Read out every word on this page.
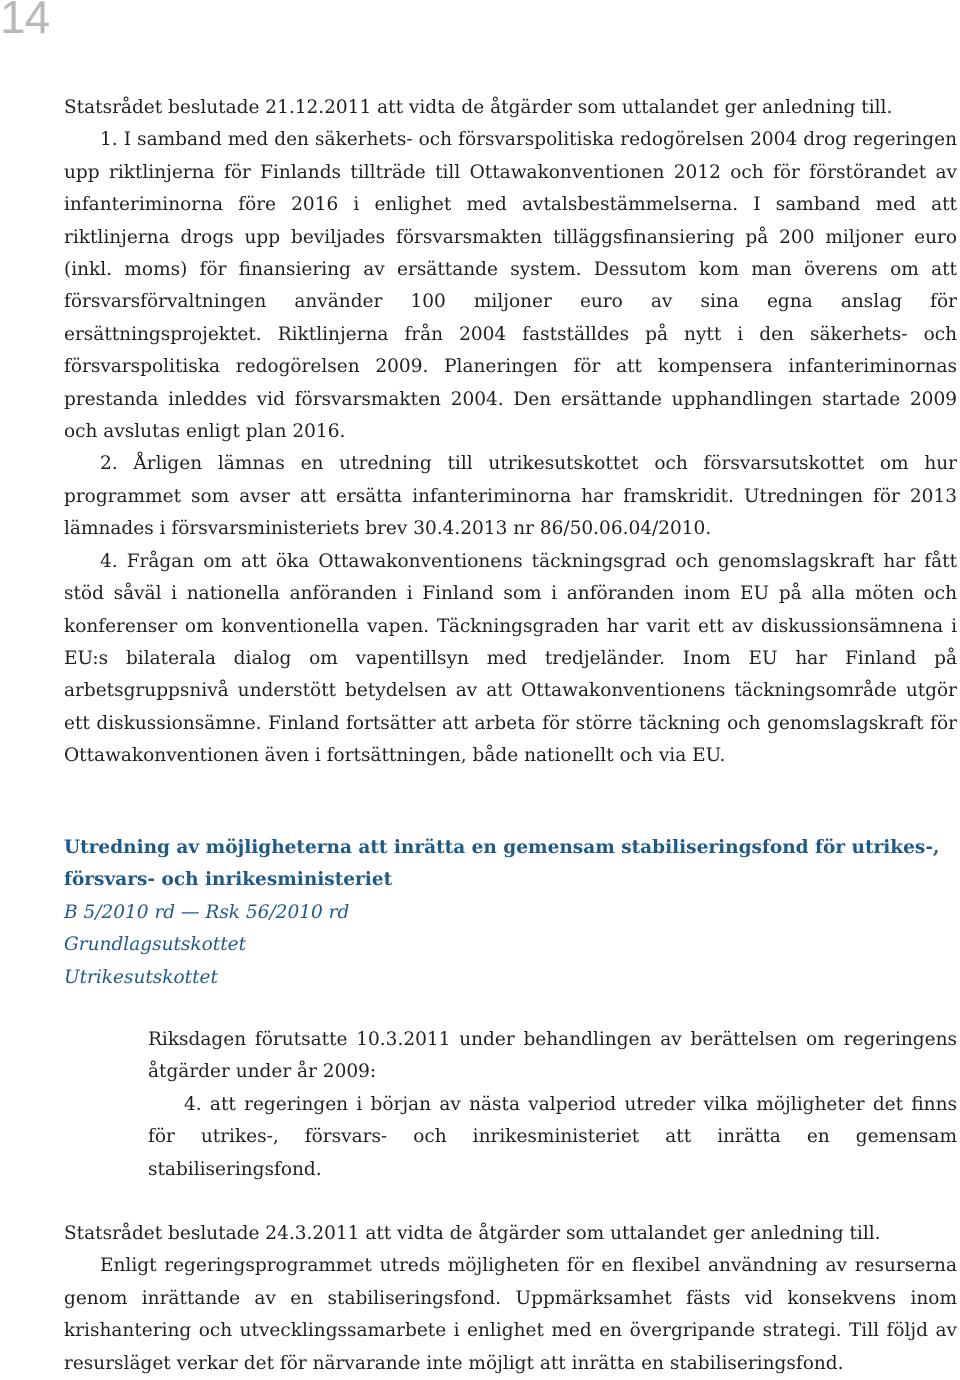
14

Statsrådet beslutade 21.12.2011 att vidta de åtgärder som uttalandet ger anledning till.

1. I samband med den säkerhets- och försvarspolitiska redogörelsen 2004 drog regeringen upp riktlinjerna för Finlands tillträde till Ottawakonventionen 2012 och för förstörandet av infanteriminorna före 2016 i enlighet med avtalsbestämmelserna. I samband med att riktlinjerna drogs upp beviljades försvarsmakten tilläggsfinansiering på 200 miljoner euro (inkl. moms) för finansiering av ersättande system. Dessutom kom man överens om att försvarsförvaltningen använder 100 miljoner euro av sina egna anslag för ersättningsprojektet. Riktlinjerna från 2004 fastställdes på nytt i den säkerhets- och försvarspolitiska redogörelsen 2009. Planeringen för att kompensera infanteriminornas prestanda inleddes vid försvarsmakten 2004. Den ersättande upphandlingen startade 2009 och avslutas enligt plan 2016.

2. Årligen lämnas en utredning till utrikesutskottet och försvarsutskottet om hur programmet som avser att ersätta infanteriminorna har framskridit. Utredningen för 2013 lämnades i försvarsministeriets brev 30.4.2013 nr 86/50.06.04/2010.

4. Frågan om att öka Ottawakonventionens täckningsgrad och genomslagskraft har fått stöd såväl i nationella anföranden i Finland som i anföranden inom EU på alla möten och konferenser om konventionella vapen. Täckningsgraden har varit ett av diskussionsämnena i EU:s bilaterala dialog om vapentillsyn med tredjeländer. Inom EU har Finland på arbetsgruppsnivå understött betydelsen av att Ottawakonventionens täckningsområde utgör ett diskussionsämne. Finland fortsätter att arbeta för större täckning och genomslagskraft för Ottawakonventionen även i fortsättningen, både nationellt och via EU.

Utredning av möjligheterna att inrätta en gemensam stabiliseringsfond för utrikes-, försvars- och inrikesministeriet

B 5/2010 rd — Rsk 56/2010 rd

Grundlagsutskottet

Utrikesutskottet

Riksdagen förutsatte 10.3.2011 under behandlingen av berättelsen om regeringens åtgärder under år 2009:

4. att regeringen i början av nästa valperiod utreder vilka möjligheter det finns för utrikes-, försvars- och inrikesministeriet att inrätta en gemensam stabiliseringsfond.

Statsrådet beslutade 24.3.2011 att vidta de åtgärder som uttalandet ger anledning till.

Enligt regeringsprogrammet utreds möjligheten för en flexibel användning av resurserna genom inrättande av en stabiliseringsfond. Uppmärksamhet fästs vid konsekvens inom krishantering och utvecklingssamarbete i enlighet med en övergripande strategi. Till följd av resursläget verkar det för närvarande inte möjligt att inrätta en stabiliseringsfond.
